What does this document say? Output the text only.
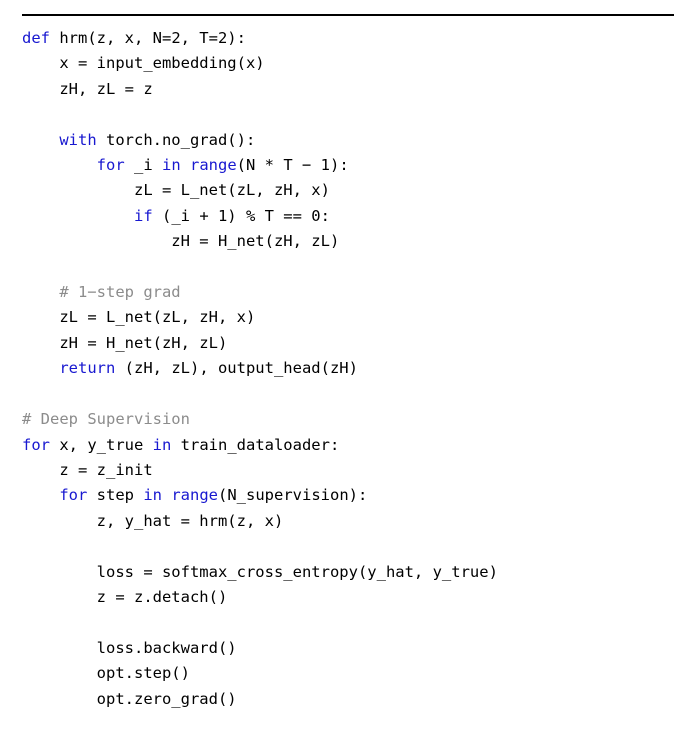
def hrm(z, x, N=2, T=2):
x = input_embedding(x)
zH, zL = z

with torch.no_grad():
for _i in range(N * T − 1):
zL = L_net(zL, zH, x)
if (_i + 1) % T == 0:
zH = H_net(zH, zL)

# 1−step grad
zL = L_net(zL, zH, x)
zH = H_net(zH, zL)
return (zH, zL), output_head(zH)

# Deep Supervision
for x, y_true in train_dataloader:
z = z_init
for step in range(N_supervision):
z, y_hat = hrm(z, x)

loss = softmax_cross_entropy(y_hat, y_true)
z = z.detach()

loss.backward()
opt.step()
opt.zero_grad()
